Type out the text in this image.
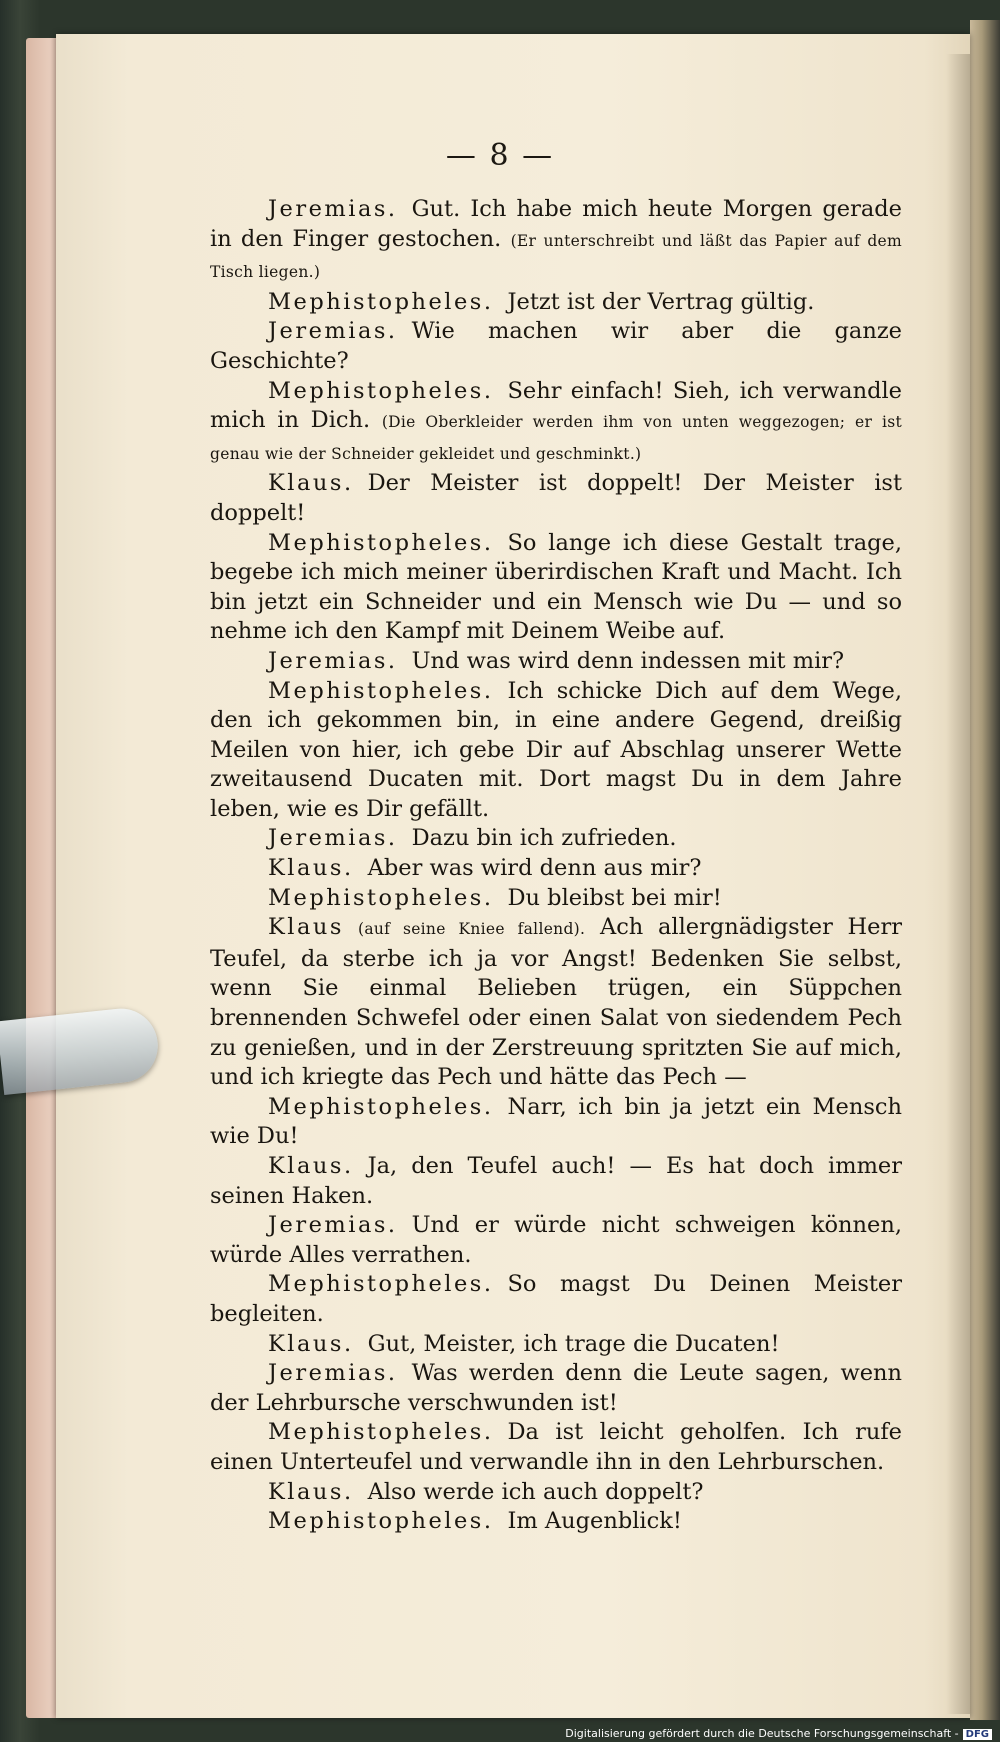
— 8 —

Jeremias. Gut. Ich habe mich heute Morgen gerade in den Finger gestochen. (Er unterschreibt und läßt das Papier auf dem Tisch liegen.)

Mephistopheles. Jetzt ist der Vertrag gültig.

Jeremias. Wie machen wir aber die ganze Geschichte?

Mephistopheles. Sehr einfach! Sieh, ich verwandle mich in Dich. (Die Oberkleider werden ihm von unten weggezogen; er ist genau wie der Schneider gekleidet und geschminkt.)

Klaus. Der Meister ist doppelt! Der Meister ist doppelt!

Mephistopheles. So lange ich diese Gestalt trage, begebe ich mich meiner überirdischen Kraft und Macht. Ich bin jetzt ein Schneider und ein Mensch wie Du — und so nehme ich den Kampf mit Deinem Weibe auf.

Jeremias. Und was wird denn indessen mit mir?

Mephistopheles. Ich schicke Dich auf dem Wege, den ich gekommen bin, in eine andere Gegend, dreißig Meilen von hier, ich gebe Dir auf Abschlag unserer Wette zweitausend Ducaten mit. Dort magst Du in dem Jahre leben, wie es Dir gefällt.

Jeremias. Dazu bin ich zufrieden.

Klaus. Aber was wird denn aus mir?

Mephistopheles. Du bleibst bei mir!

Klaus (auf seine Kniee fallend). Ach allergnädigster Herr Teufel, da sterbe ich ja vor Angst! Bedenken Sie selbst, wenn Sie einmal Belieben trügen, ein Süppchen brennenden Schwefel oder einen Salat von siedendem Pech zu genießen, und in der Zerstreuung spritzten Sie auf mich, und ich kriegte das Pech und hätte das Pech —

Mephistopheles. Narr, ich bin ja jetzt ein Mensch wie Du!

Klaus. Ja, den Teufel auch! — Es hat doch immer seinen Haken.

Jeremias. Und er würde nicht schweigen können, würde Alles verrathen.

Mephistopheles. So magst Du Deinen Meister begleiten.

Klaus. Gut, Meister, ich trage die Ducaten!

Jeremias. Was werden denn die Leute sagen, wenn der Lehrbursche verschwunden ist!

Mephistopheles. Da ist leicht geholfen. Ich rufe einen Unterteufel und verwandle ihn in den Lehrburschen.

Klaus. Also werde ich auch doppelt?

Mephistopheles. Im Augenblick!

Digitalisierung gefördert durch die Deutsche Forschungsgemeinschaft - DFG
